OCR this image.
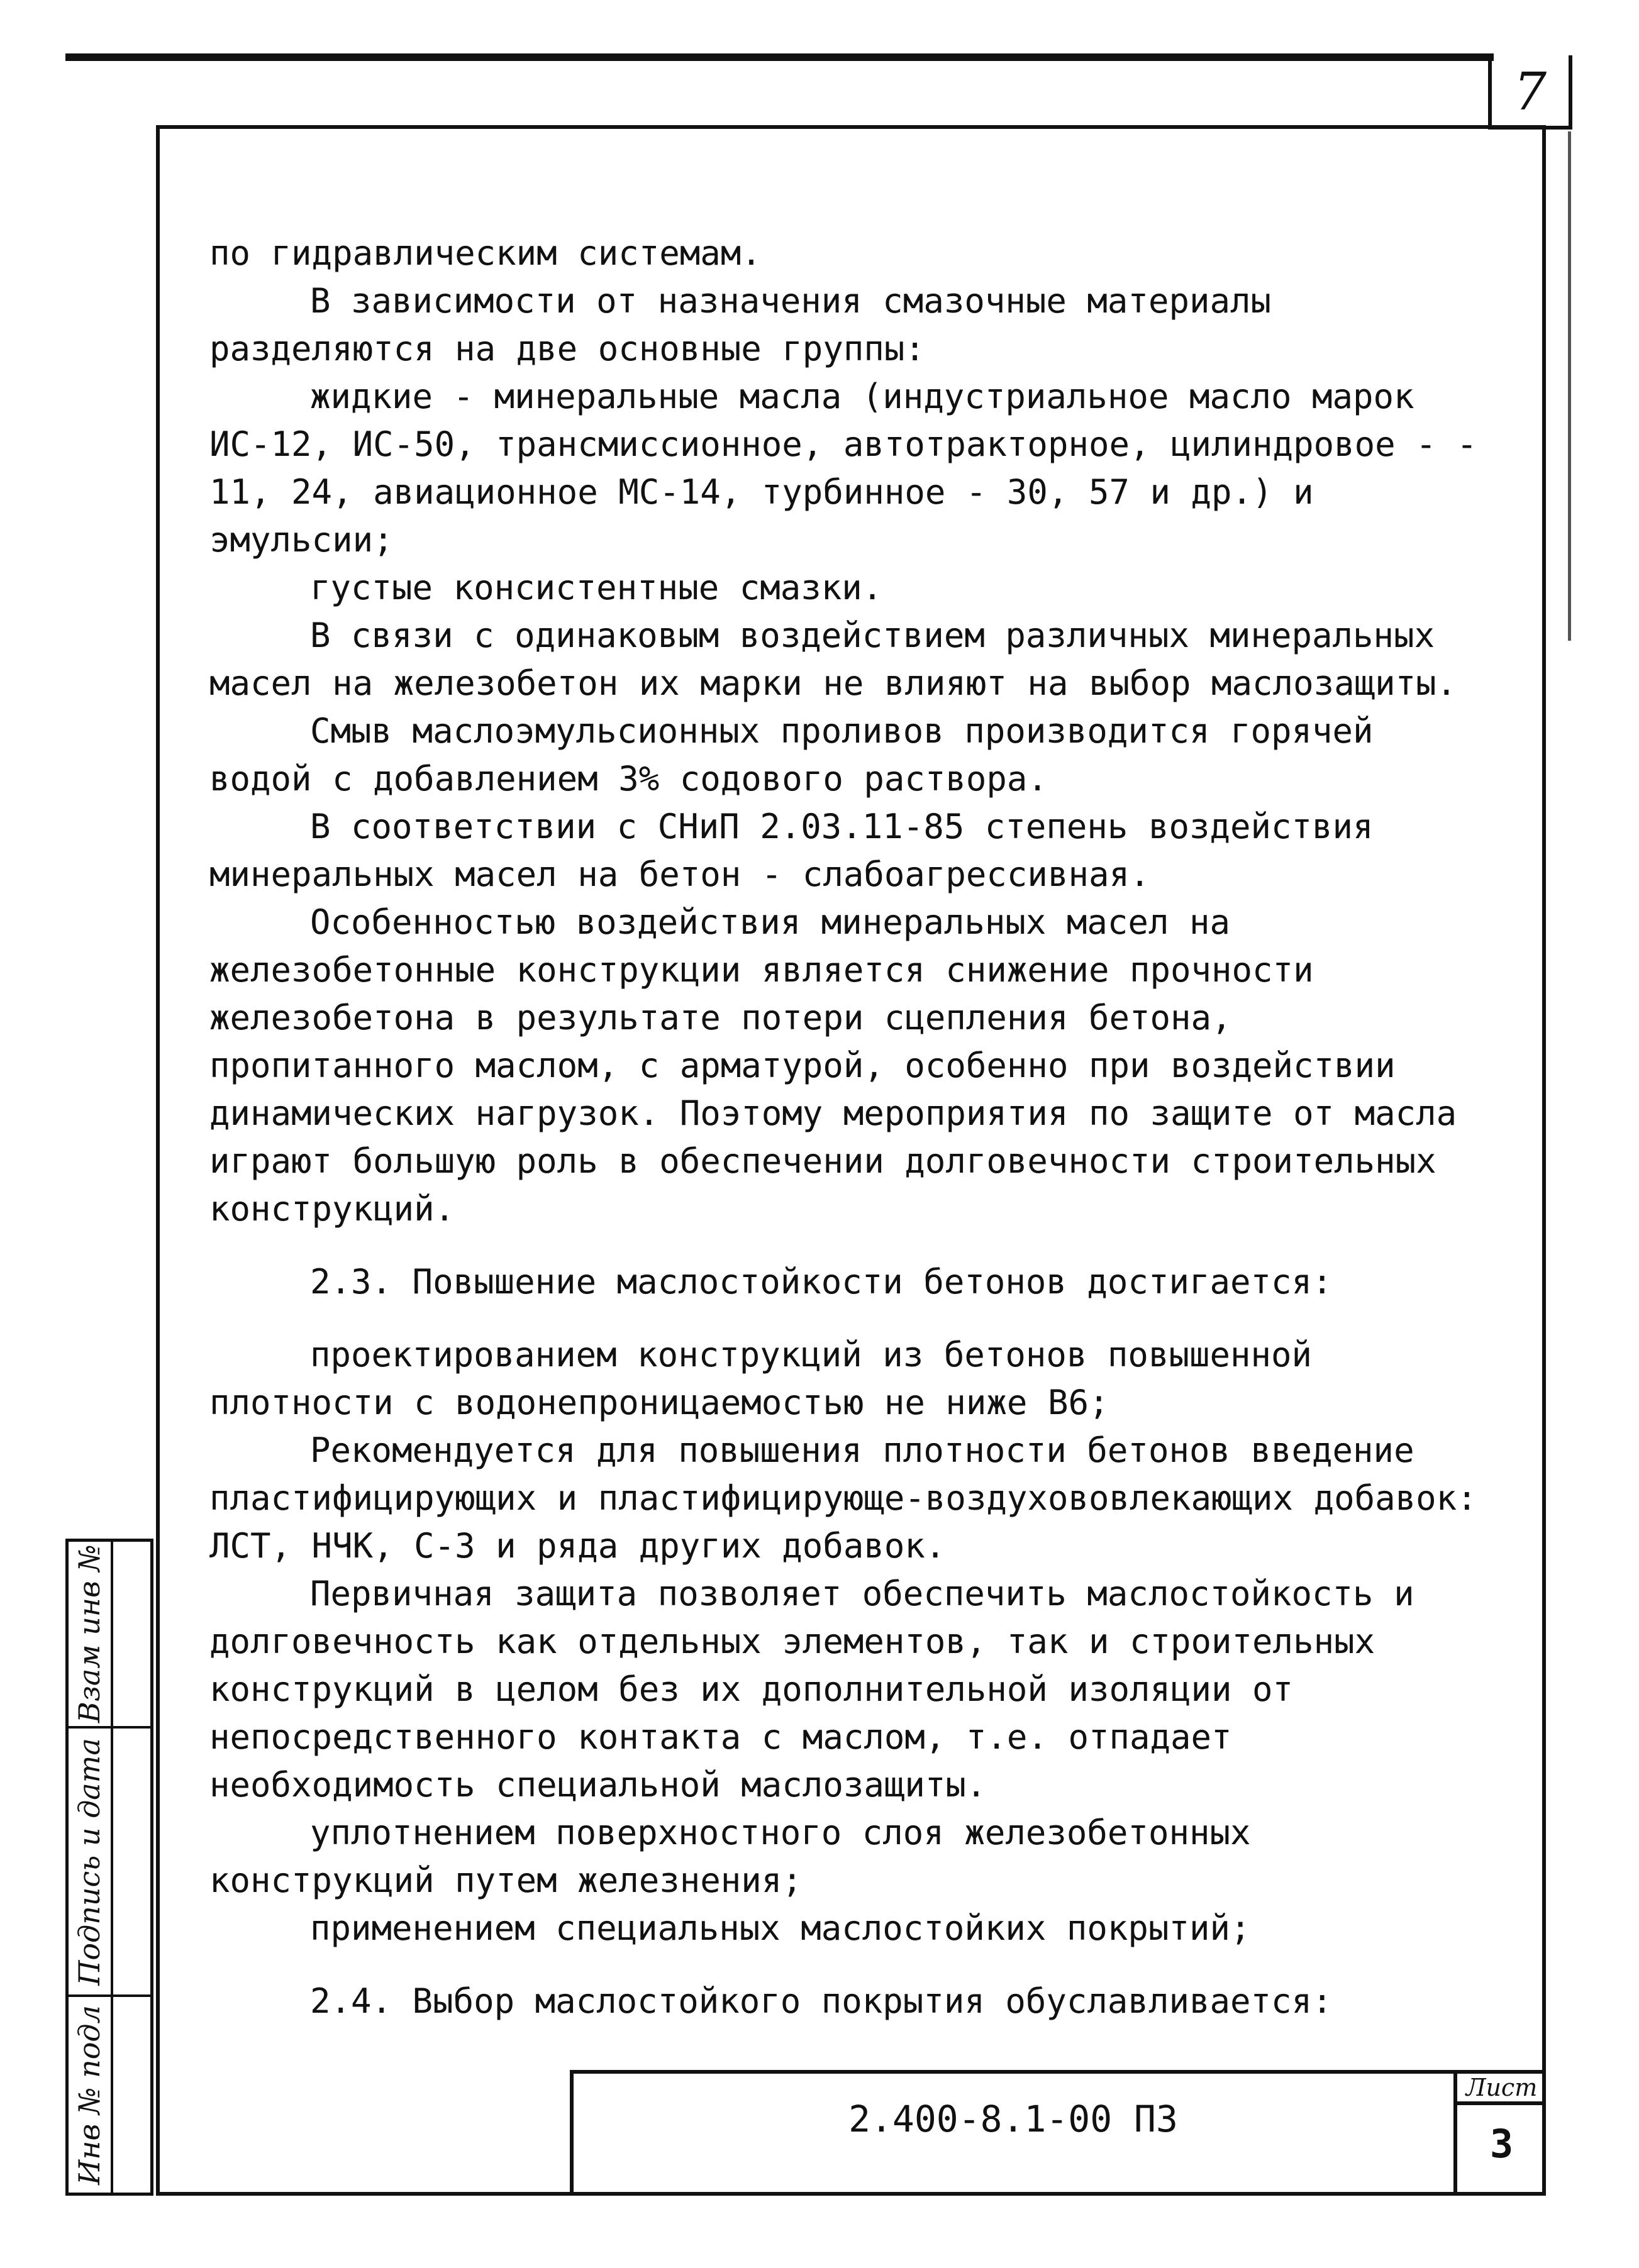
7

по гидравлическим системам.

В зависимости от назначения смазочные материалы разделяются на две основные группы:

жидкие - минеральные масла (индустриальное масло марок ИС-12, ИС-50, трансмиссионное, автотракторное, цилиндровое - - 11, 24, авиационное МС-14, турбинное - 30, 57 и др.) и эмульсии;

густые консистентные смазки.

В связи с одинаковым воздействием различных минеральных масел на железобетон их марки не влияют на выбор маслозащиты.

Смыв маслоэмульсионных проливов производится горячей водой с добавлением 3% содового раствора.

В соответствии с СНиП 2.03.11-85 степень воздействия минеральных масел на бетон - слабоагрессивная.

Особенностью воздействия минеральных масел на железобетонные конструкции является снижение прочности железобетона в результате потери сцепления бетона, пропитанного маслом, с арматурой, особенно при воздействии динамических нагрузок. Поэтому мероприятия по защите от масла играют большую роль в обеспечении долговечности строительных конструкций.

2.3. Повышение маслостойкости бетонов достигается:

проектированием конструкций из бетонов повышенной плотности с водонепроницаемостью не ниже В6;

Рекомендуется для повышения плотности бетонов введение пластифицирующих и пластифицирующе-воздухововлекающих добавок: ЛСТ, НЧК, С-3 и ряда других добавок.

Первичная защита позволяет обеспечить маслостойкость и долговечность как отдельных элементов, так и строительных конструкций в целом без их дополнительной изоляции от непосредственного контакта с маслом, т.е. отпадает необходимость специальной маслозащиты.

уплотнением поверхностного слоя железобетонных конструкций путем железнения;

применением специальных маслостойких покрытий;

2.4. Выбор маслостойкого покрытия обуславливается:

Взам инв №
Подпись и дата
Инв № подл	2.400-8.1-00 ПЗ
Лист
3
